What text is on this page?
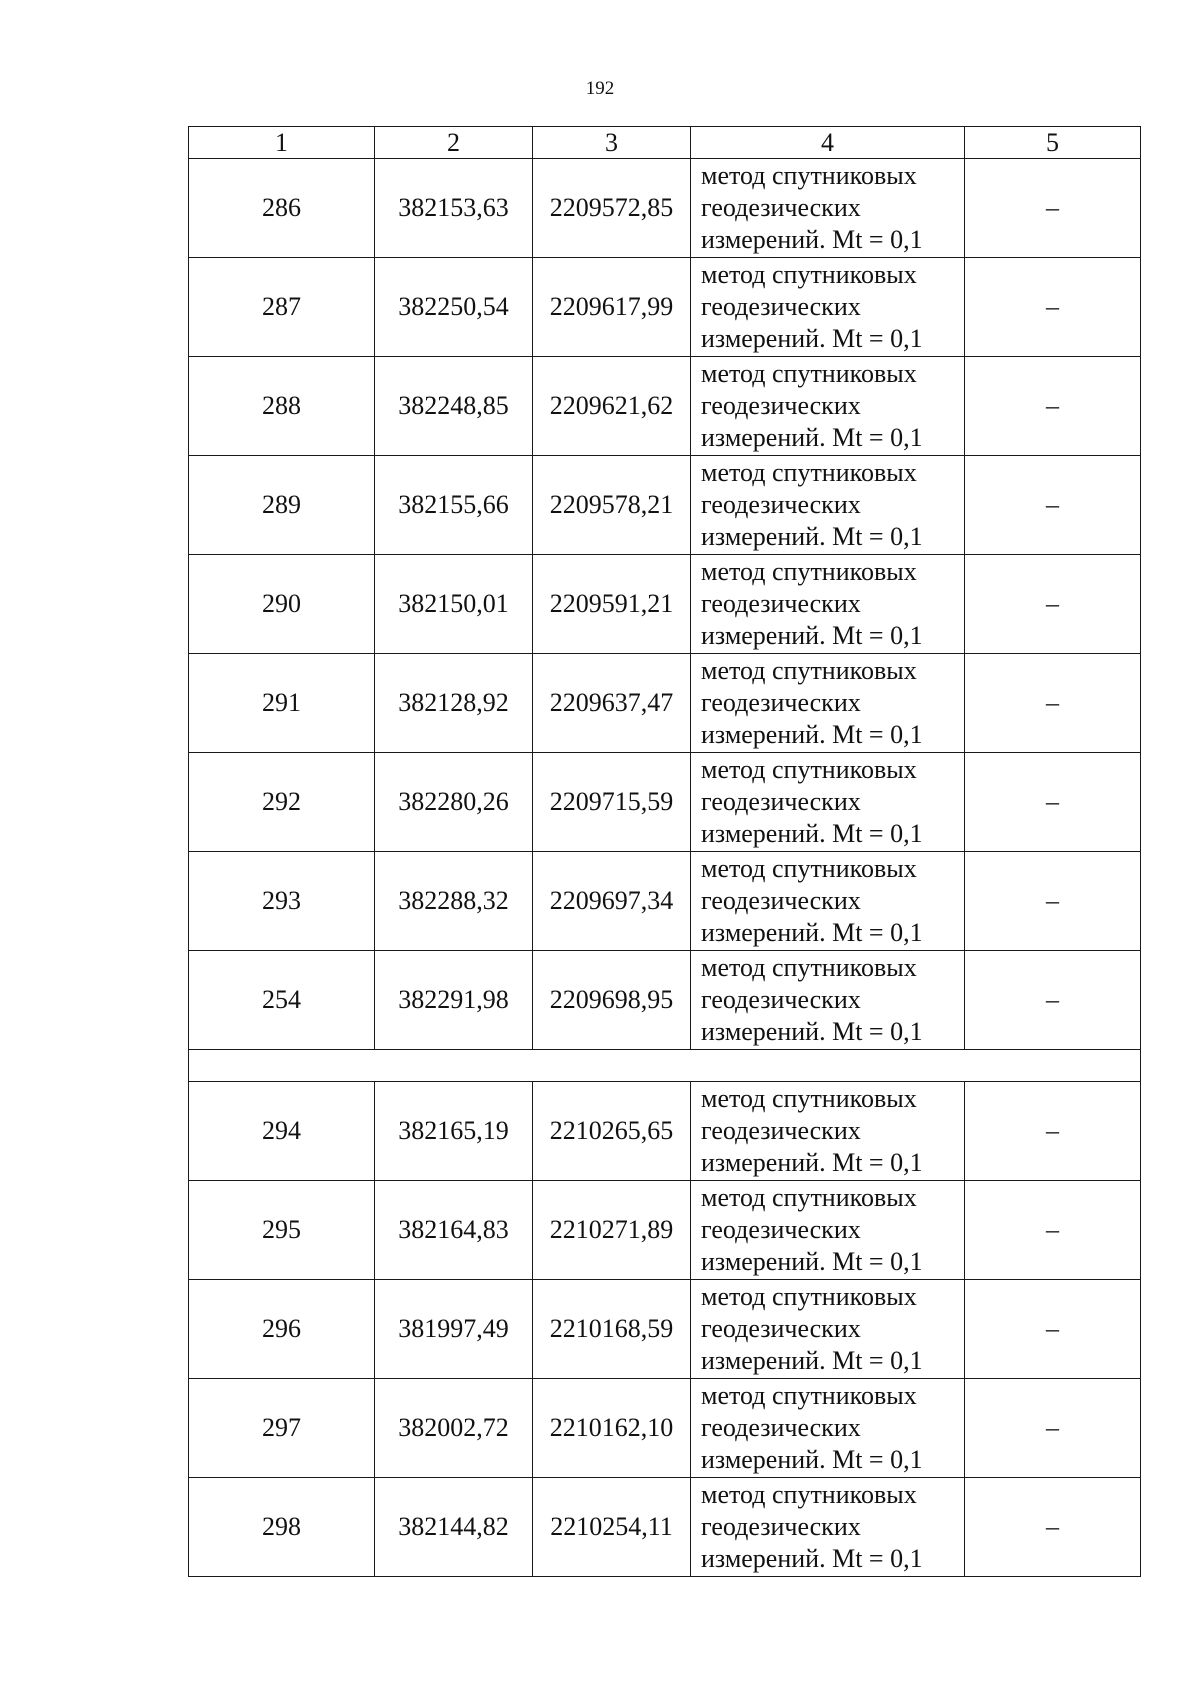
192
1	2	3	4	5
286	382153,63	2209572,85	метод спутниковых
геодезических
измерений. Mt = 0,1	–
287	382250,54	2209617,99	метод спутниковых
геодезических
измерений. Mt = 0,1	–
288	382248,85	2209621,62	метод спутниковых
геодезических
измерений. Mt = 0,1	–
289	382155,66	2209578,21	метод спутниковых
геодезических
измерений. Mt = 0,1	–
290	382150,01	2209591,21	метод спутниковых
геодезических
измерений. Mt = 0,1	–
291	382128,92	2209637,47	метод спутниковых
геодезических
измерений. Mt = 0,1	–
292	382280,26	2209715,59	метод спутниковых
геодезических
измерений. Mt = 0,1	–
293	382288,32	2209697,34	метод спутниковых
геодезических
измерений. Mt = 0,1	–
254	382291,98	2209698,95	метод спутниковых
геодезических
измерений. Mt = 0,1	–

294	382165,19	2210265,65	метод спутниковых
геодезических
измерений. Mt = 0,1	–
295	382164,83	2210271,89	метод спутниковых
геодезических
измерений. Mt = 0,1	–
296	381997,49	2210168,59	метод спутниковых
геодезических
измерений. Mt = 0,1	–
297	382002,72	2210162,10	метод спутниковых
геодезических
измерений. Mt = 0,1	–
298	382144,82	2210254,11	метод спутниковых
геодезических
измерений. Mt = 0,1	–
